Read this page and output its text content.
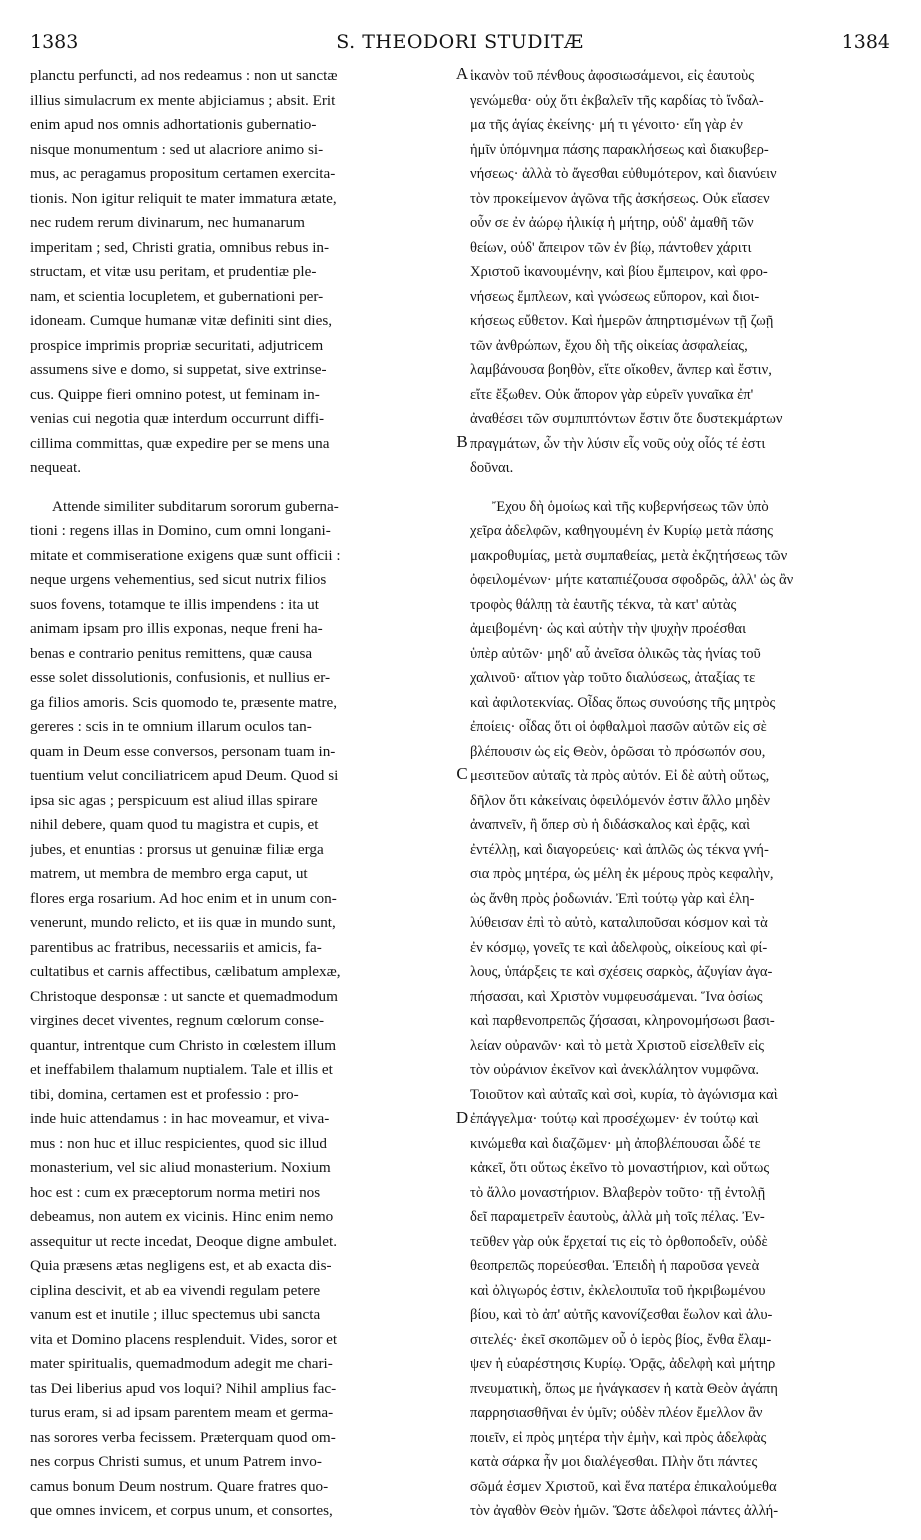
1383	S. THEODORI STUDITÆ	1384
planctu perfuncti, ad nos redeamus : non ut sanctæ
illius simulacrum ex mente abjiciamus ; absit. Erit
enim apud nos omnis adhortationis gubernatio-
nisque monumentum : sed ut alacriore animo si-
mus, ac peragamus propositum certamen exercita-
tionis. Non igitur reliquit te mater immatura ætate,
nec rudem rerum divinarum, nec humanarum
imperitam ; sed, Christi gratia, omnibus rebus in-
structam, et vitæ usu peritam, et prudentiæ ple-
nam, et scientia locupletem, et gubernationi per-
idoneam. Cumque humanæ vitæ definiti sint dies,
prospice imprimis propriæ securitati, adjutricem
assumens sive e domo, si suppetat, sive extrinse-
cus. Quippe fieri omnino potest, ut feminam in-
venias cui negotia quæ interdum occurrunt diffi-
cillima committas, quæ expedire per se mens una
nequeat.
Attende similiter subditarum sororum guberna-
tioni : regens illas in Domino, cum omni longani-
mitate et commiseratione exigens quæ sunt officii :
neque urgens vehementius, sed sicut nutrix filios
suos fovens, totamque te illis impendens : ita ut
animam ipsam pro illis exponas, neque freni ha-
benas e contrario penitus remittens, quæ causa
esse solet dissolutionis, confusionis, et nullius er-
ga filios amoris. Scis quomodo te, præsente matre,
gereres : scis in te omnium illarum oculos tan-
quam in Deum esse conversos, personam tuam in-
tuentium velut conciliatricem apud Deum. Quod si
ipsa sic agas ; perspicuum est aliud illas spirare
nihil debere, quam quod tu magistra et cupis, et
jubes, et enuntias : prorsus ut genuinæ filiæ erga
matrem, ut membra de membro erga caput, ut
flores erga rosarium. Ad hoc enim et in unum con-
venerunt, mundo relicto, et iis quæ in mundo sunt,
parentibus ac fratribus, necessariis et amicis, fa-
cultatibus et carnis affectibus, cælibatum amplexæ,
Christoque desponsæ : ut sancte et quemadmodum
virgines decet viventes, regnum cœlorum conse-
quantur, intrentque cum Christo in cœlestem illum
et ineffabilem thalamum nuptialem. Tale et illis et
tibi, domina, certamen est et professio : pro-
inde huic attendamus : in hac moveamur, et viva-
mus : non huc et illuc respicientes, quod sic illud
monasterium, vel sic aliud monasterium. Noxium
hoc est : cum ex præceptorum norma metiri nos
debeamus, non autem ex vicinis. Hinc enim nemo
assequitur ut recte incedat, Deoque digne ambulet.
Quia præsens ætas negligens est, et ab exacta dis-
ciplina descivit, et ab ea vivendi regulam petere
vanum est et inutile ; illuc spectemus ubi sancta
vita et Domino placens resplenduit. Vides, soror et
mater spiritualis, quemadmodum adegit me chari-
tas Dei liberius apud vos loqui? Nihil amplius fac-
turus eram, si ad ipsam parentem meam et germa-
nas sorores verba fecissem. Præterquam quod om-
nes corpus Christi sumus, et unum Patrem invo-
camus bonum Deum nostrum. Quare fratres quo-
que omnes invicem, et corpus unum, et consortes,
ἱκανὸν τοῦ πένθους ἀφοσιωσάμενοι, εἰς ἑαυτοὺς
γενώμεθα· οὐχ ὅτι ἐκβαλεῖν τῆς καρδίας τὸ ἴνδαλ-
μα τῆς ἁγίας ἐκείνης· μή τι γένοιτο· εἴη γὰρ ἐν
ἡμῖν ὑπόμνημα πάσης παρακλήσεως καὶ διακυβερ-
νήσεως· ἀλλὰ τὸ ἄγεσθαι εὐθυμότερον, καὶ διανύειν
τὸν προκείμενον ἀγῶνα τῆς ἀσκήσεως. Οὐκ εἴασεν
οὖν σε ἐν ἀώρῳ ἡλικίᾳ ἡ μήτηρ, οὐδ' ἀμαθῆ τῶν
θείων, οὐδ' ἄπειρον τῶν ἐν βίῳ, πάντοθεν χάριτι
Χριστοῦ ἱκανουμένην, καὶ βίου ἔμπειρον, καὶ φρο-
νήσεως ἔμπλεων, καὶ γνώσεως εὔπορον, καὶ διοι-
κήσεως εὔθετον. Καὶ ἡμερῶν ἀπηρτισμένων τῇ ζωῇ
τῶν ἀνθρώπων, ἔχου δὴ τῆς οἰκείας ἀσφαλείας,
λαμβάνουσα βοηθὸν, εἴτε οἴκοθεν, ἅνπερ καὶ ἔστιν,
εἴτε ἔξωθεν. Οὐκ ἄπορον γὰρ εὑρεῖν γυναῖκα ἐπ'
ἀναθέσει τῶν συμπιπτόντων ἔστιν ὅτε δυστεκμάρτων
πραγμάτων, ὧν τὴν λύσιν εἷς νοῦς οὐχ οἷός τέ ἐστι
δοῦναι.
Ἔχου δὴ ὁμοίως καὶ τῆς κυβερνήσεως τῶν ὑπὸ
χεῖρα ἀδελφῶν, καθηγουμένη ἐν Κυρίῳ μετὰ πάσης
μακροθυμίας, μετὰ συμπαθείας, μετὰ ἐκζητήσεως τῶν
ὀφειλομένων· μήτε καταπιέζουσα σφοδρῶς, ἀλλ' ὡς ἂν
τροφὸς θάλπῃ τὰ ἑαυτῆς τέκνα, τὰ κατ' αὐτὰς
ἀμειβομένη· ὡς καὶ αὐτὴν τὴν ψυχὴν προέσθαι
ὑπὲρ αὐτῶν· μηδ' αὖ ἀνεῖσα ὁλικῶς τὰς ἡνίας τοῦ
χαλινοῦ· αἴτιον γὰρ τοῦτο διαλύσεως, ἀταξίας τε
καὶ ἀφιλοτεκνίας. Οἶδας ὅπως συνούσης τῆς μητρὸς
ἐποίεις· οἶδας ὅτι οἱ ὀφθαλμοὶ πασῶν αὐτῶν εἰς σὲ
βλέπουσιν ὡς εἰς Θεὸν, ὁρῶσαι τὸ πρόσωπόν σου,
μεσιτεῦον αὐταῖς τὰ πρὸς αὐτόν. Εἰ δὲ αὐτὴ οὕτως,
δῆλον ὅτι κἀκείναις ὀφειλόμενόν ἐστιν ἄλλο μηδὲν
ἀναπνεῖν, ἢ ὅπερ σὺ ἡ διδάσκαλος καὶ ἐρᾷς, καὶ
ἐντέλλῃ, καὶ διαγορεύεις· καὶ ἁπλῶς ὡς τέκνα γνή-
σια πρὸς μητέρα, ὡς μέλη ἐκ μέρους πρὸς κεφαλὴν,
ὡς ἄνθη πρὸς ῥοδωνιάν. Ἐπὶ τούτῳ γὰρ καὶ ἐλη-
λύθεισαν ἐπὶ τὸ αὐτὸ, καταλιποῦσαι κόσμον καὶ τὰ
ἐν κόσμῳ, γονεῖς τε καὶ ἀδελφοὺς, οἰκείους καὶ φί-
λους, ὑπάρξεις τε καὶ σχέσεις σαρκὸς, ἀζυγίαν ἀγα-
πήσασαι, καὶ Χριστὸν νυμφευσάμεναι. Ἵνα ὁσίως
καὶ παρθενοπρεπῶς ζήσασαι, κληρονομήσωσι βασι-
λείαν οὐρανῶν· καὶ τὸ μετὰ Χριστοῦ εἰσελθεῖν εἰς
τὸν οὐράνιον ἐκεῖνον καὶ ἀνεκλάλητον νυμφῶνα.
Τοιοῦτον καὶ αὐταῖς καὶ σοὶ, κυρία, τὸ ἀγώνισμα καὶ
ἐπάγγελμα· τούτῳ καὶ προσέχωμεν· ἐν τούτῳ καὶ
κινώμεθα καὶ διαζῶμεν· μὴ ἀποβλέπουσαι ὧδέ τε
κἀκεῖ, ὅτι οὕτως ἐκεῖνο τὸ μοναστήριον, καὶ οὕτως
τὸ ἄλλο μοναστήριον. Βλαβερὸν τοῦτο· τῇ ἐντολῇ
δεῖ παραμετρεῖν ἑαυτοὺς, ἀλλὰ μὴ τοῖς πέλας. Ἐν-
τεῦθεν γὰρ οὐκ ἔρχεταί τις εἰς τὸ ὀρθοποδεῖν, οὐδὲ
θεοπρεπῶς πορεύεσθαι. Ἐπειδὴ ἡ παροῦσα γενεὰ
καὶ ὀλιγωρός ἐστιν, ἐκλελοιπυῖα τοῦ ἠκριβωμένου
βίου, καὶ τὸ ἀπ' αὐτῆς κανονίζεσθαι ἕωλον καὶ ἀλυ-
σιτελές· ἐκεῖ σκοπῶμεν οὗ ὁ ἱερὸς βίος, ἔνθα ἔλαμ-
ψεν ἡ εὐαρέστησις Κυρίῳ. Ὁρᾷς, ἀδελφὴ καὶ μήτηρ
πνευματικὴ, ὅπως με ἠνάγκασεν ἡ κατὰ Θεὸν ἀγάπη
παρρησιασθῆναι ἐν ὑμῖν; οὐδὲν πλέον ἔμελλον ἂν
ποιεῖν, εἰ πρὸς μητέρα τὴν ἐμὴν, καὶ πρὸς ἀδελφὰς
κατὰ σάρκα ἦν μοι διαλέγεσθαι. Πλὴν ὅτι πάντες
σῶμά ἐσμεν Χριστοῦ, καὶ ἕνα πατέρα ἐπικαλούμεθα
τὸν ἀγαθὸν Θεὸν ἡμῶν. Ὥστε ἀδελφοὶ πάντες ἀλλή-
A
B
C
D
